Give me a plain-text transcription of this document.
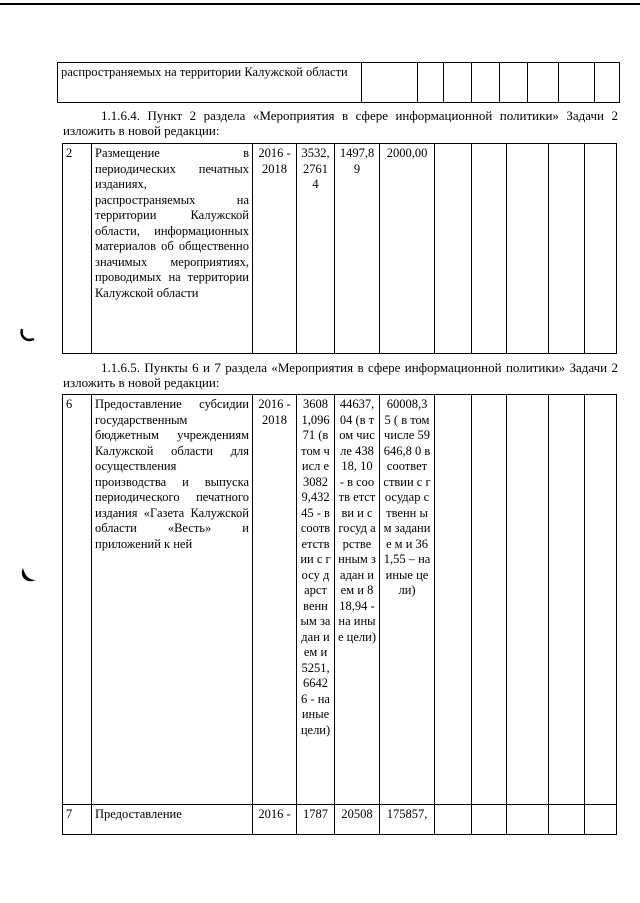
распространяемых на территории Калужской области									
1.1.6.4. Пункт 2 раздела «Мероприятия в сфере информационной политики» Задачи 2 изложить в новой редакции:
2	Размещение в периодических печатных изданиях, распространяемых на территории Калужской области, информационных материалов об общественно значимых мероприятиях, проводимых на территории Калужской области	2016 - 2018	3532, 2761 4	1497,8 9	2000,00					
1.1.6.5. Пункты 6 и 7 раздела «Мероприятия в сфере информационной политики» Задачи 2 изложить в новой редакции:
6	Предоставление субсидии государственным бюджетным учреждениям Калужской области для осуществления производства и выпуска периодического печатного издания «Газета Калужской области «Весть» и приложений к ней	2016 - 2018	3608 1,096 71 (в том числ е 3082 9,432 45 - в соотв етств ии с госу дарст венн ым задан ием и 5251, 6642 6 - на иные цели)	44637, 04 (в том числе 43818, 10 - в соотв етстви и с госуд арстве нным задан ием и 818,94 - на иные цели)	60008,3 5 ( в том числе 59646,8 0 в соответ ствии с государ ственн ым задание м и 361,55 – на иные цели)					
7	Предоставление	2016 -	1787	20508	175857,					
